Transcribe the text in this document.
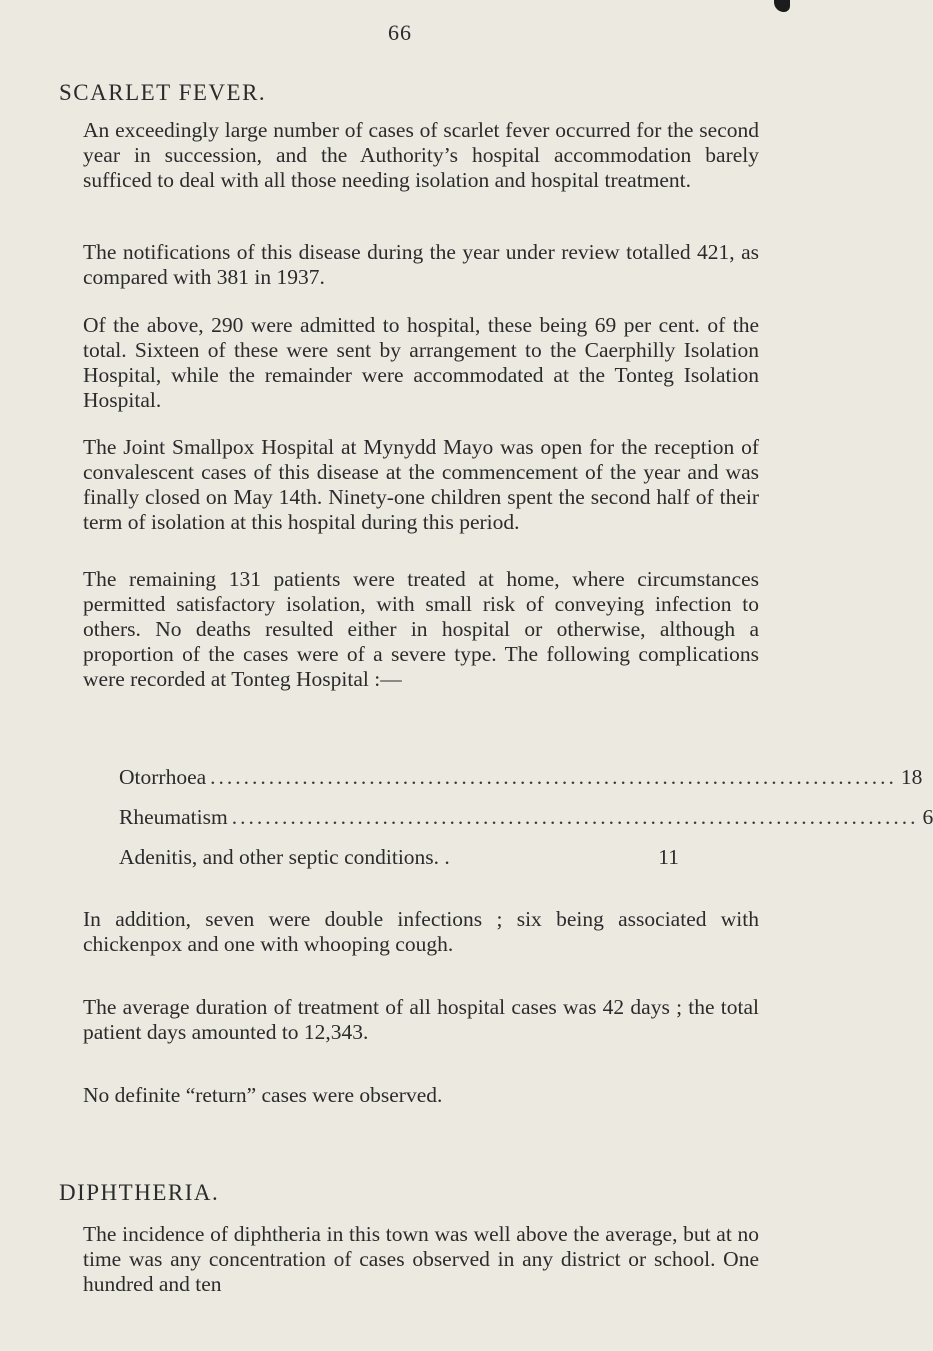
66
SCARLET FEVER.
An exceedingly large number of cases of scarlet fever occurred for the second year in succession, and the Authority’s hospital accommodation barely sufficed to deal with all those needing isolation and hospital treatment.
The notifications of this disease during the year under review totalled 421, as compared with 381 in 1937.
Of the above, 290 were admitted to hospital, these being 69 per cent. of the total. Sixteen of these were sent by arrangement to the Caerphilly Isolation Hospital, while the remainder were accommodated at the Tonteg Isolation Hospital.
The Joint Smallpox Hospital at Mynydd Mayo was open for the reception of convalescent cases of this disease at the commencement of the year and was finally closed on May 14th. Ninety-one children spent the second half of their term of isolation at this hospital during this period.
The remaining 131 patients were treated at home, where circumstances permitted satisfactory isolation, with small risk of conveying infection to others. No deaths resulted either in hospital or otherwise, although a proportion of the cases were of a severe type. The following complications were recorded at Tonteg Hospital :—
Otorrhoea .................................................................................. 18
Rheumatism .................................................................................. 6
Adenitis, and other septic conditions. .	11
In addition, seven were double infections ; six being associated with chickenpox and one with whooping cough.
The average duration of treatment of all hospital cases was 42 days ; the total patient days amounted to 12,343.
No definite “return” cases were observed.
DIPHTHERIA.
The incidence of diphtheria in this town was well above the average, but at no time was any concentration of cases observed in any district or school. One hundred and ten
